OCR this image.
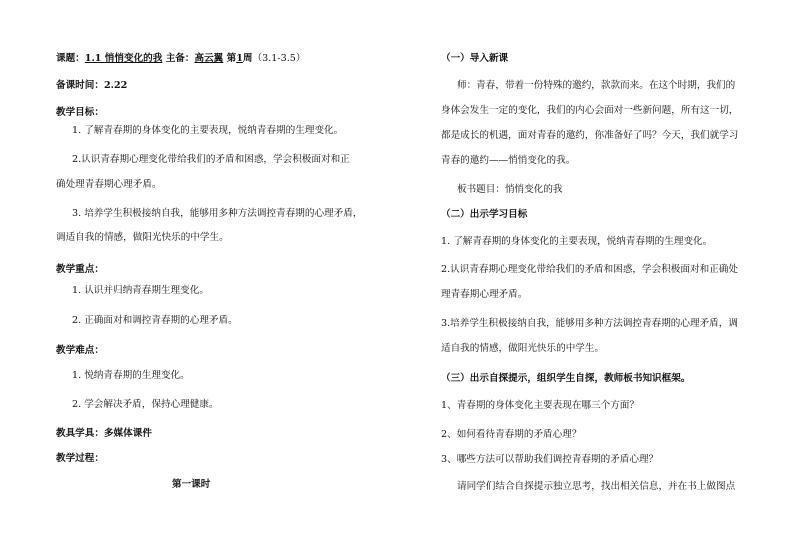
课题：1.1 悄悄变化的我 主备：高云翼 第1周（3.1-3.5）
备课时间：2.22
教学目标：
1. 了解青春期的身体变化的主要表现，悦纳青春期的生理变化。
2.认识青春期心理变化带给我们的矛盾和困惑，学会积极面对和正
确处理青春期心理矛盾。
3. 培养学生积极接纳自我，能够用多种方法调控青春期的心理矛盾，
调适自我的情感，做阳光快乐的中学生。
教学重点：
1. 认识并归纳青春期生理变化。
2. 正确面对和调控青春期的心理矛盾。
教学难点：
1. 悦纳青春期的生理变化。
2. 学会解决矛盾，保持心理健康。
教具学具：多媒体课件
教学过程：
第一课时
（一）导入新课
师：青春，带着一份特殊的邀约，款款而来。在这个时期，我们的
身体会发生一定的变化，我们的内心会面对一些新问题，所有这一切，
都是成长的机遇，面对青春的邀约，你准备好了吗？今天，我们就学习
青春的邀约——悄悄变化的我。
板书题目：悄悄变化的我
（二）出示学习目标
1. 了解青春期的身体变化的主要表现，悦纳青春期的生理变化。
2.认识青春期心理变化带给我们的矛盾和困惑，学会积极面对和正确处
理青春期心理矛盾。
3.培养学生积极接纳自我，能够用多种方法调控青春期的心理矛盾，调
适自我的情感，做阳光快乐的中学生。
（三）出示自探提示，组织学生自探，教师板书知识框架。
1、青春期的身体变化主要表现在哪三个方面？
2、如何看待青春期的矛盾心理？
3、哪些方法可以帮助我们调控青春期的矛盾心理？
请同学们结合自探提示独立思考，找出相关信息，并在书上做图点
